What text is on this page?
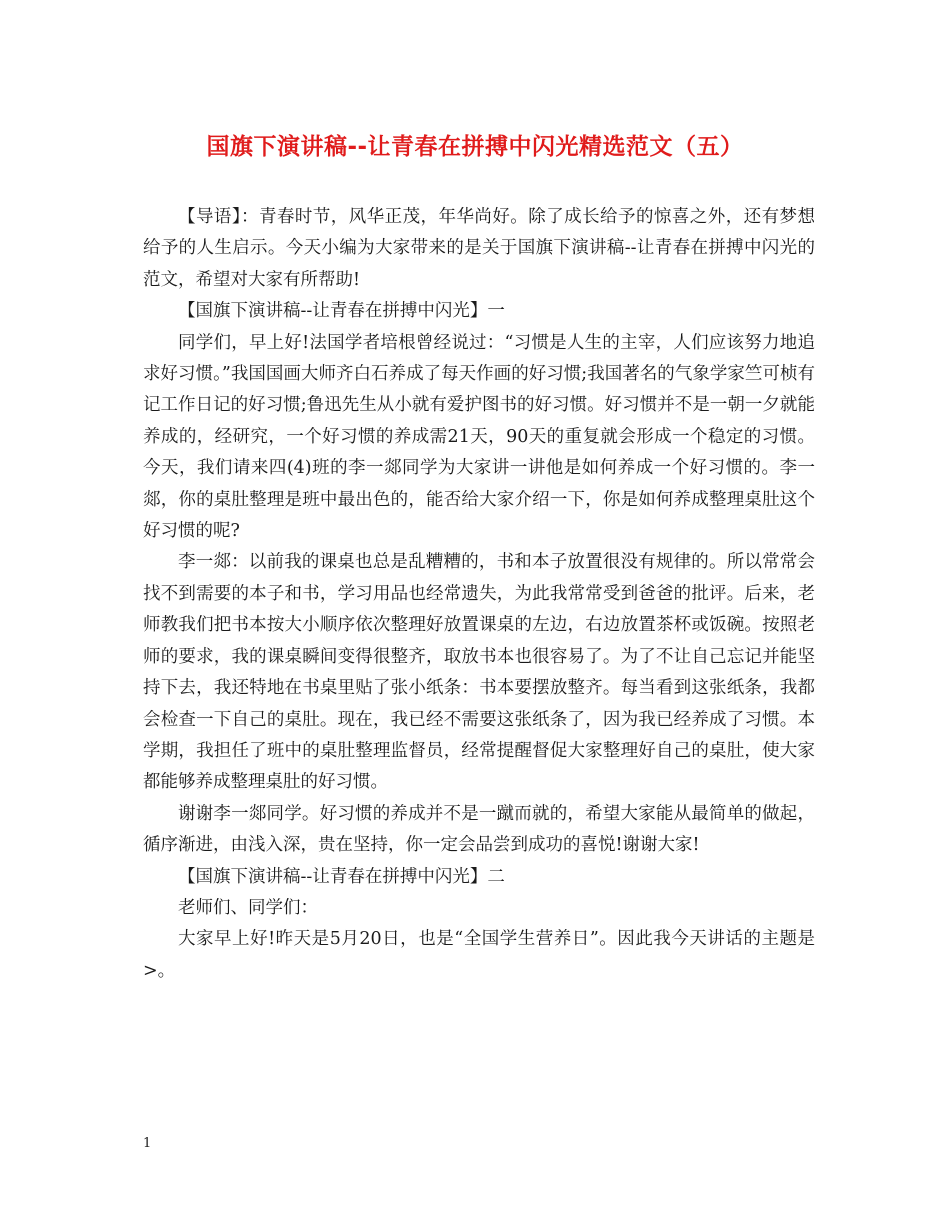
国旗下演讲稿--让青春在拼搏中闪光精选范文（五）

【导语】：青春时节，风华正茂，年华尚好。除了成长给予的惊喜之外，还有梦想给予的人生启示。今天小编为大家带来的是关于国旗下演讲稿--让青春在拼搏中闪光的范文，希望对大家有所帮助!

【国旗下演讲稿--让青春在拼搏中闪光】一

同学们，早上好!法国学者培根曾经说过：“习惯是人生的主宰，人们应该努力地追求好习惯。”我国国画大师齐白石养成了每天作画的好习惯;我国著名的气象学家竺可桢有记工作日记的好习惯;鲁迅先生从小就有爱护图书的好习惯。好习惯并不是一朝一夕就能养成的，经研究，一个好习惯的养成需21天，90天的重复就会形成一个稳定的习惯。今天，我们请来四(4)班的李一郯同学为大家讲一讲他是如何养成一个好习惯的。李一郯，你的桌肚整理是班中最出色的，能否给大家介绍一下，你是如何养成整理桌肚这个好习惯的呢?

李一郯：以前我的课桌也总是乱糟糟的，书和本子放置很没有规律的。所以常常会找不到需要的本子和书，学习用品也经常遗失，为此我常常受到爸爸的批评。后来，老师教我们把书本按大小顺序依次整理好放置课桌的左边，右边放置茶杯或饭碗。按照老师的要求，我的课桌瞬间变得很整齐，取放书本也很容易了。为了不让自己忘记并能坚持下去，我还特地在书桌里贴了张小纸条：书本要摆放整齐。每当看到这张纸条，我都会检查一下自己的桌肚。现在，我已经不需要这张纸条了，因为我已经养成了习惯。本学期，我担任了班中的桌肚整理监督员，经常提醒督促大家整理好自己的桌肚，使大家都能够养成整理桌肚的好习惯。

谢谢李一郯同学。好习惯的养成并不是一蹴而就的，希望大家能从最简单的做起，循序渐进，由浅入深，贵在坚持，你一定会品尝到成功的喜悦!谢谢大家!

【国旗下演讲稿--让青春在拼搏中闪光】二

老师们、同学们：

大家早上好!昨天是5月20日，也是“全国学生营养日”。因此我今天讲话的主题是>。

1
